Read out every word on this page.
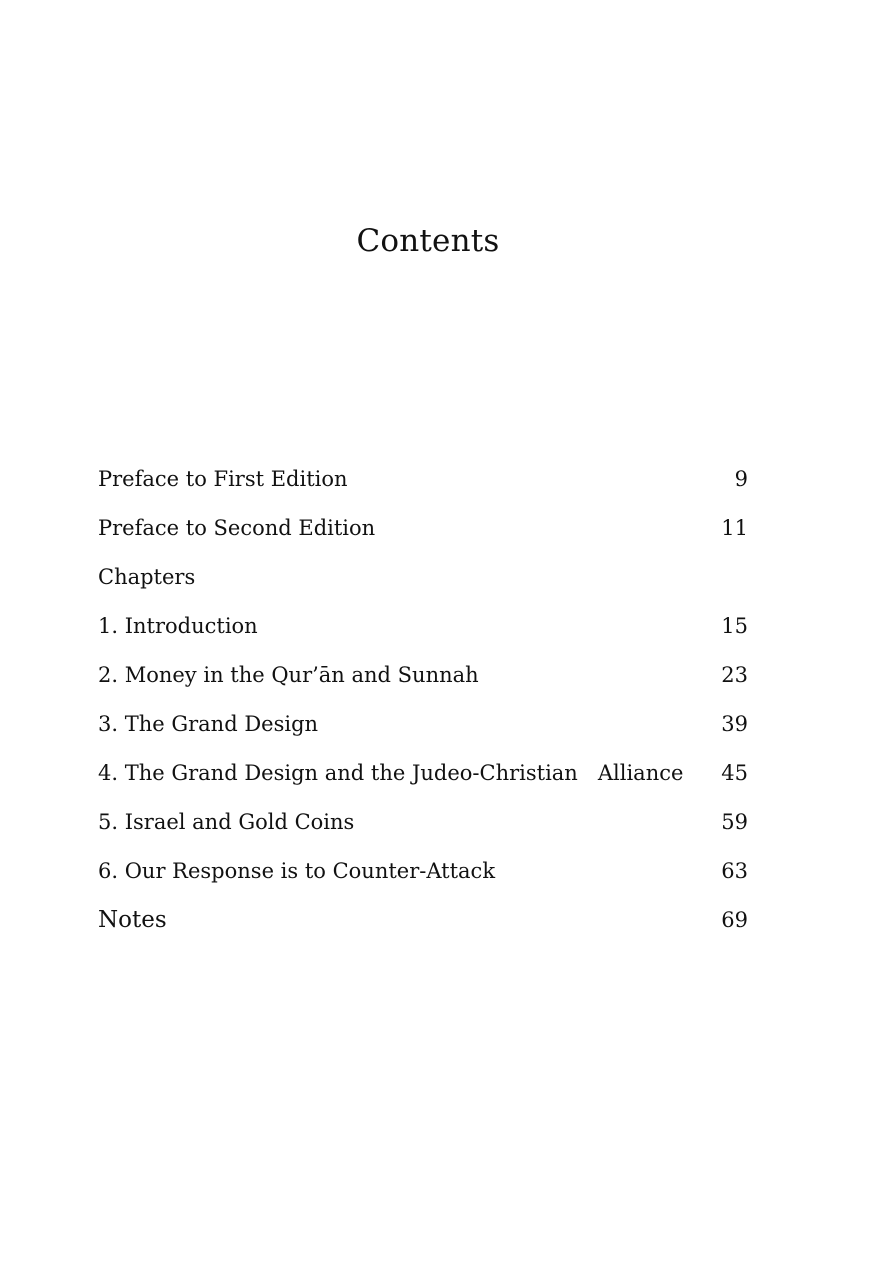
Contents
Preface to First Edition	9
Preface to Second Edition	11
Chapters
1. Introduction	15
2. Money in the Qur’ān and Sunnah	23
3. The Grand Design	39
4. The Grand Design and the Judeo-Christian   Alliance	45
5. Israel and Gold Coins	59
6. Our Response is to Counter-Attack	63
Notes	69
